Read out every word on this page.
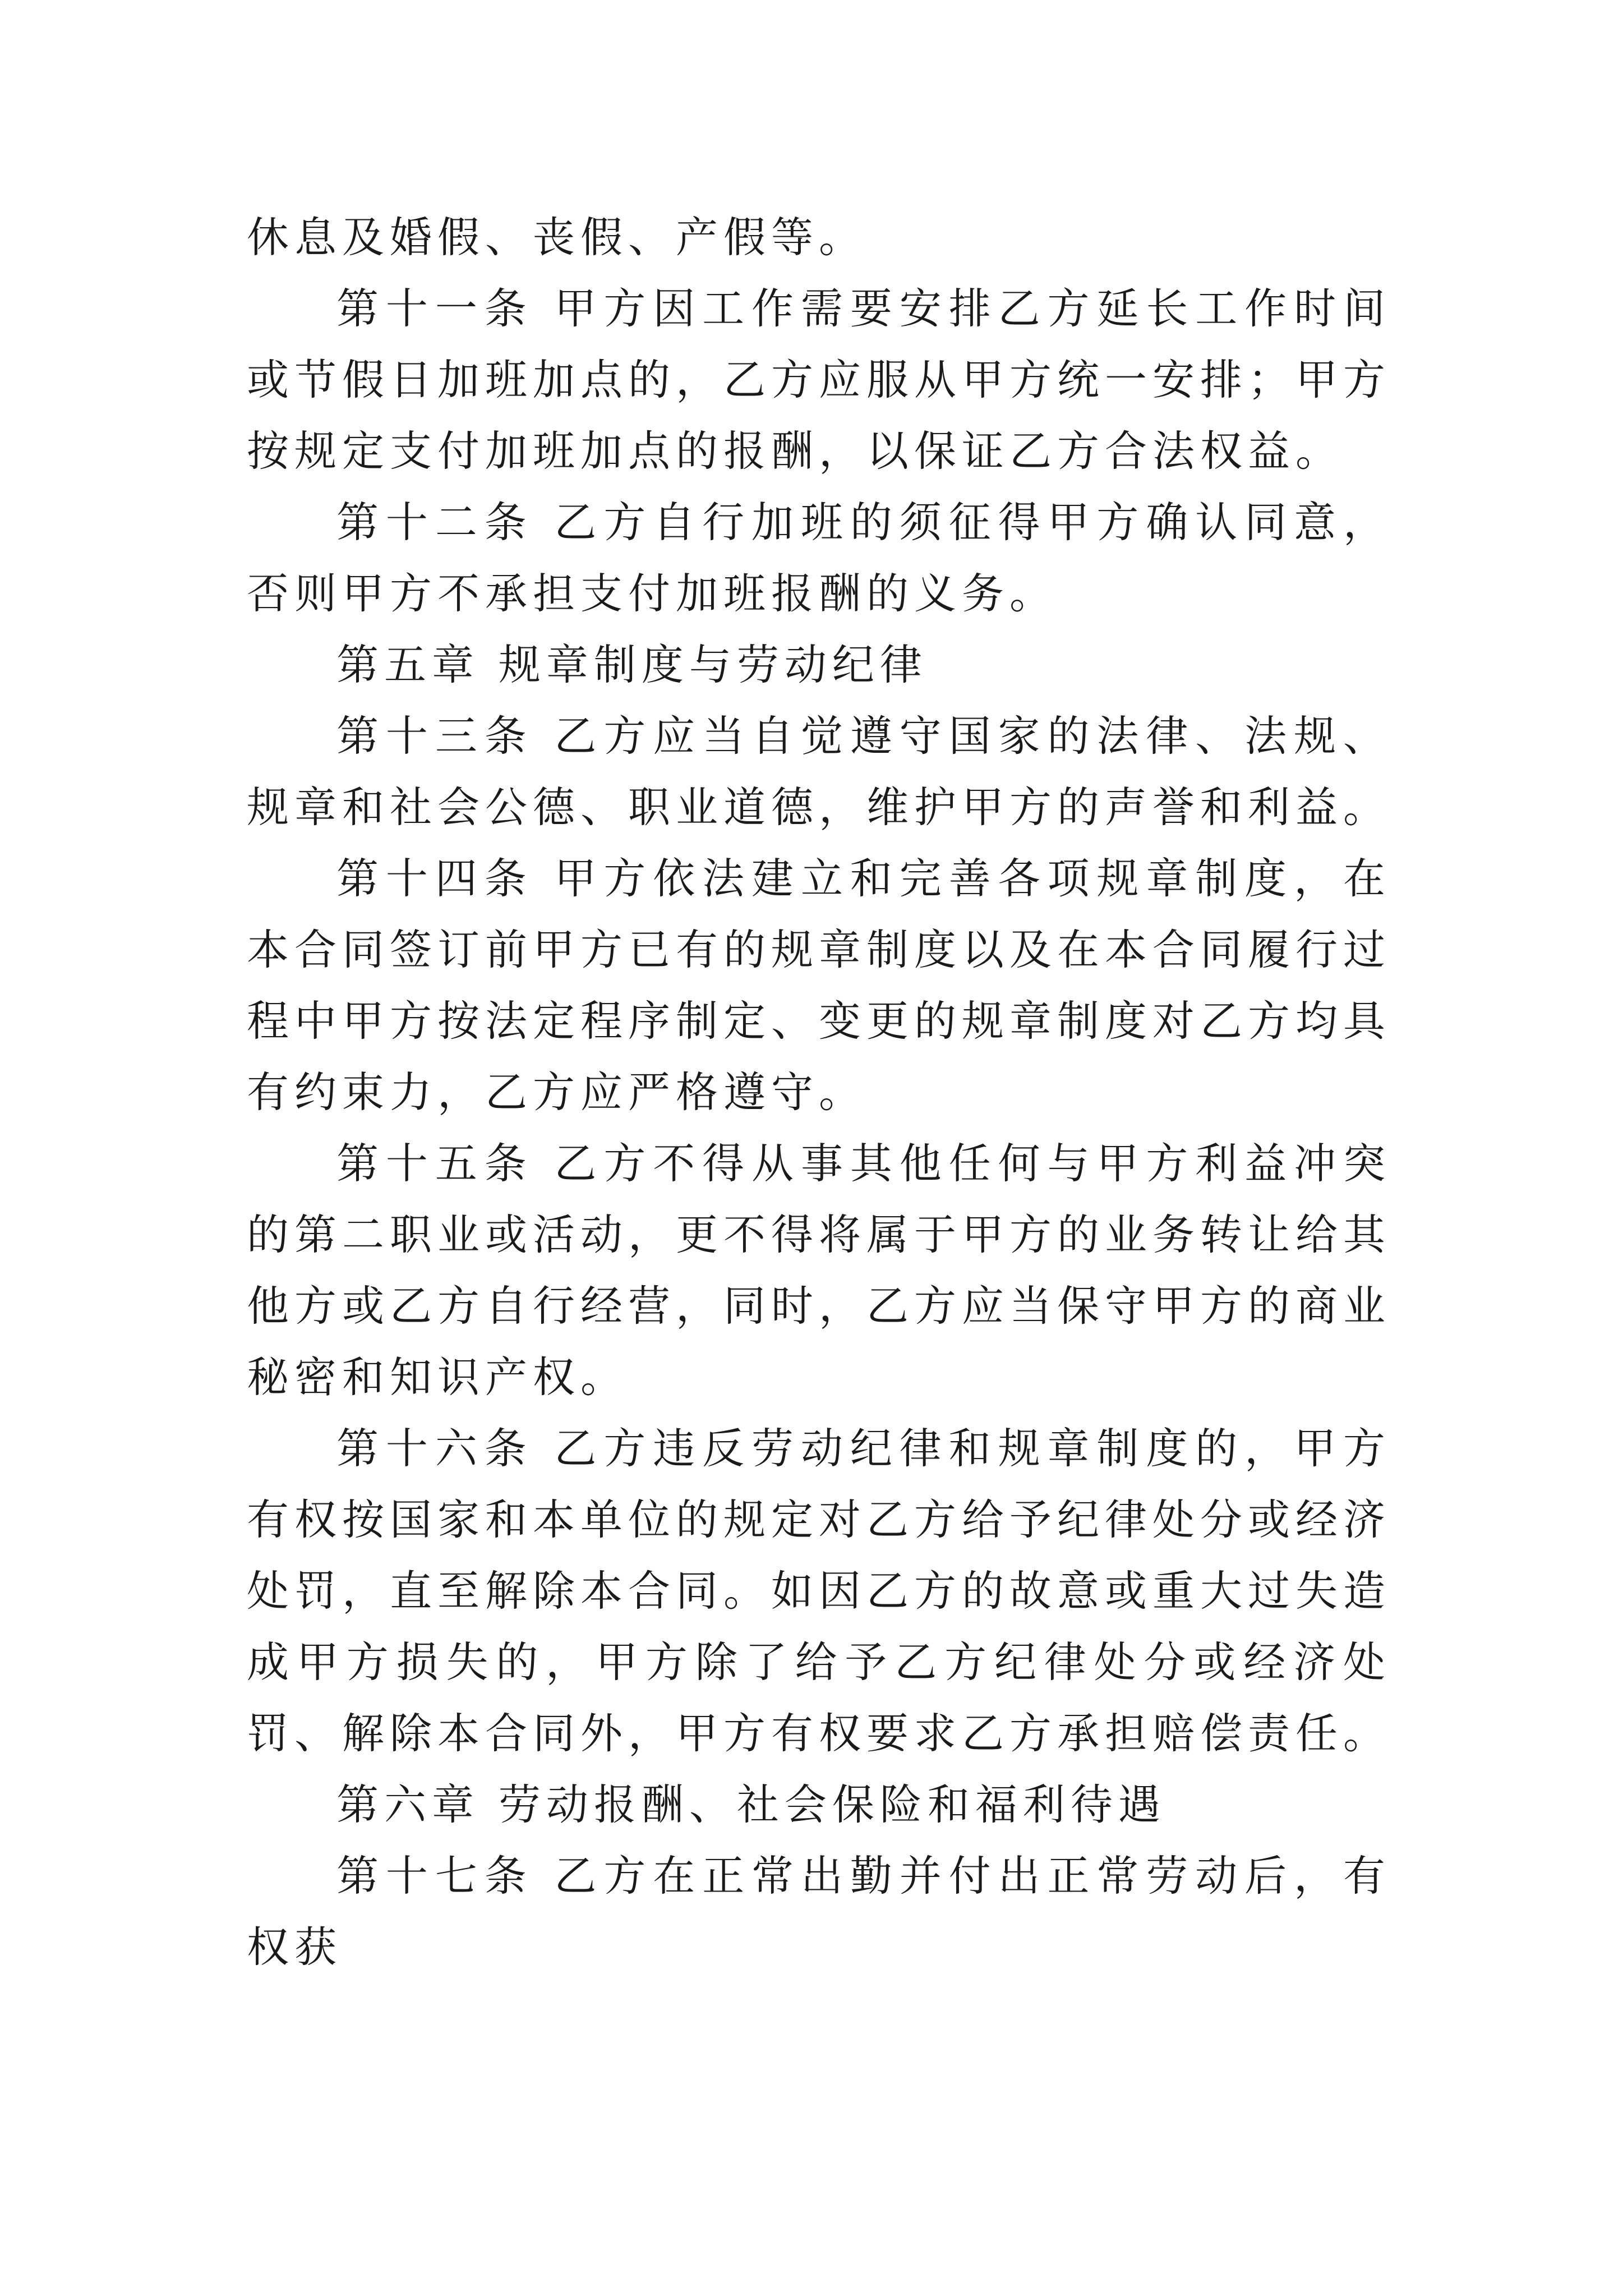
休息及婚假、丧假、产假等。

第十一条 甲方因工作需要安排乙方延长工作时间或节假日加班加点的，乙方应服从甲方统一安排；甲方按规定支付加班加点的报酬，以保证乙方合法权益。

第十二条 乙方自行加班的须征得甲方确认同意，否则甲方不承担支付加班报酬的义务。

第五章 规章制度与劳动纪律

第十三条 乙方应当自觉遵守国家的法律、法规、规章和社会公德、职业道德，维护甲方的声誉和利益。

第十四条 甲方依法建立和完善各项规章制度，在本合同签订前甲方已有的规章制度以及在本合同履行过程中甲方按法定程序制定、变更的规章制度对乙方均具有约束力，乙方应严格遵守。

第十五条 乙方不得从事其他任何与甲方利益冲突的第二职业或活动，更不得将属于甲方的业务转让给其他方或乙方自行经营，同时，乙方应当保守甲方的商业秘密和知识产权。

第十六条 乙方违反劳动纪律和规章制度的，甲方有权按国家和本单位的规定对乙方给予纪律处分或经济处罚，直至解除本合同。如因乙方的故意或重大过失造成甲方损失的，甲方除了给予乙方纪律处分或经济处罚、解除本合同外，甲方有权要求乙方承担赔偿责任。

第六章 劳动报酬、社会保险和福利待遇

第十七条 乙方在正常出勤并付出正常劳动后，有权获
